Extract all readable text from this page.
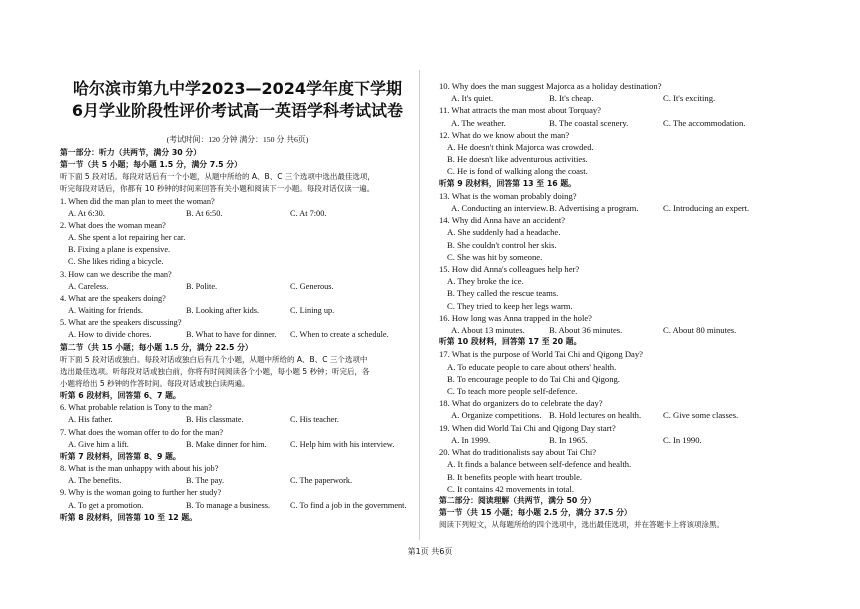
哈尔滨市第九中学2023—2024学年度下学期
6月学业阶段性评价考试高一英语学科考试试卷
(考试时间：120 分钟 满分：150 分 共6页)
第一部分：听力（共两节，满分 30 分）
第一节（共 5 小题；每小题 1.5 分，满分 7.5 分）
听下面 5 段对话。每段对话后有一个小题，从题中所给的 A、B、C 三个选项中选出最佳选项，
听完每段对话后，你都有 10 秒钟的时间来回答有关小题和阅读下一小题。每段对话仅读一遍。
1. When did the man plan to meet the woman?
A. At 6:30.	B. At 6:50.	C. At 7:00.
2. What does the woman mean?
A. She spent a lot repairing her car.
B. Fixing a plane is expensive.
C. She likes riding a bicycle.
3. How can we describe the man?
A. Careless.	B. Polite.	C. Generous.
4. What are the speakers doing?
A. Waiting for friends.	B. Looking after kids.	C. Lining up.
5. What are the speakers discussing?
A. How to divide chores.	B. What to have for dinner.	C. When to create a schedule.
第二节（共 15 小题；每小题 1.5 分，满分 22.5 分）
听下面 5 段对话或独白。每段对话或独白后有几个小题，从题中所给的 A、B、C 三个选项中
选出最佳选项。听每段对话或独白前，你将有时间阅读各个小题，每小题 5 秒钟；听完后，各
小题将给出 5 秒钟的作答时间。每段对话或独白读两遍。
听第 6 段材料，回答第 6、7 题。
6. What probable relation is Tony to the man?
A. His father.	B. His classmate.	C. His teacher.
7. What does the woman offer to do for the man?
A. Give him a lift.	B. Make dinner for him.	C. Help him with his interview.
听第 7 段材料，回答第 8、9 题。
8. What is the man unhappy with about his job?
A. The benefits.	B. The pay.	C. The paperwork.
9. Why is the woman going to further her study?
A. To get a promotion.	B. To manage a business.	C. To find a job in the government.
听第 8 段材料，回答第 10 至 12 题。
10. Why does the man suggest Majorca as a holiday destination?
A. It's quiet.	B. It's cheap.	C. It's exciting.
11. What attracts the man most about Torquay?
A. The weather.	B. The coastal scenery.	C. The accommodation.
12. What do we know about the man?
A. He doesn't think Majorca was crowded.
B. He doesn't like adventurous activities.
C. He is fond of walking along the coast.
听第 9 段材料，回答第 13 至 16 题。
13. What is the woman probably doing?
A. Conducting an interview. B. Advertising a program.	C. Introducing an expert.
14. Why did Anna have an accident?
A. She suddenly had a headache.
B. She couldn't control her skis.
C. She was hit by someone.
15. How did Anna's colleagues help her?
A. They broke the ice.
B. They called the rescue teams.
C. They tried to keep her legs warm.
16. How long was Anna trapped in the hole?
A. About 13 minutes.	B. About 36 minutes.	C. About 80 minutes.
听第 10 段材料，回答第 17 至 20 题。
17. What is the purpose of World Tai Chi and Qigong Day?
A. To educate people to care about others' health.
B. To encourage people to do Tai Chi and Qigong.
C. To teach more people self-defence.
18. What do organizers do to celebrate the day?
A. Organize competitions. B. Hold lectures on health.	C. Give some classes.
19. When did World Tai Chi and Qigong Day start?
A. In 1999.	B. In 1965.	C. In 1990.
20. What do traditionalists say about Tai Chi?
A. It finds a balance between self-defence and health.
B. It benefits people with heart trouble.
C. It contains 42 movements in total.
第二部分：阅读理解（共两节，满分 50 分）
第一节（共 15 小题；每小题 2.5 分，满分 37.5 分）
阅读下列短文，从每题所给的四个选项中，选出最佳选项，并在答题卡上将该项涂黑。
第1页 共6页
